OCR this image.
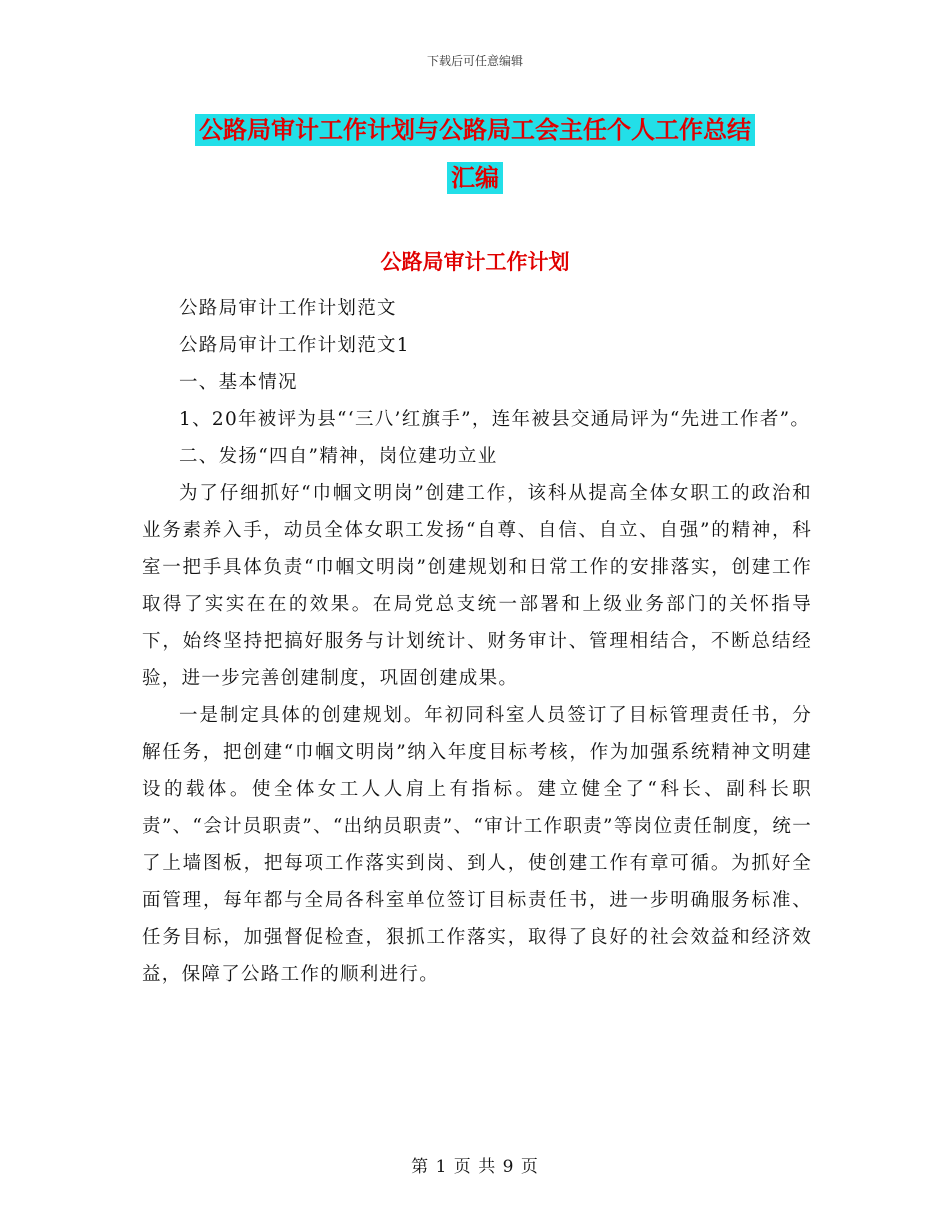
下载后可任意编辑
公路局审计工作计划与公路局工会主任个人工作总结
汇编
公路局审计工作计划

公路局审计工作计划范文

公路局审计工作计划范文1

一、基本情况

1、20年被评为县“‘三八’红旗手”，连年被县交通局评为“先进工作者”。

二、发扬“四自”精神，岗位建功立业

为了仔细抓好“巾帼文明岗”创建工作，该科从提高全体女职工的政治和业务素养入手，动员全体女职工发扬“自尊、自信、自立、自强”的精神，科室一把手具体负责“巾帼文明岗”创建规划和日常工作的安排落实，创建工作取得了实实在在的效果。在局党总支统一部署和上级业务部门的关怀指导下，始终坚持把搞好服务与计划统计、财务审计、管理相结合，不断总结经验，进一步完善创建制度，巩固创建成果。

一是制定具体的创建规划。年初同科室人员签订了目标管理责任书，分解任务，把创建“巾帼文明岗”纳入年度目标考核，作为加强系统精神文明建设的载体。使全体女工人人肩上有指标。建立健全了“科长、副科长职责”、“会计员职责”、“出纳员职责”、“审计工作职责”等岗位责任制度，统一了上墙图板，把每项工作落实到岗、到人，使创建工作有章可循。为抓好全面管理，每年都与全局各科室单位签订目标责任书，进一步明确服务标准、任务目标，加强督促检查，狠抓工作落实，取得了良好的社会效益和经济效益，保障了公路工作的顺利进行。

第 1 页 共 9 页
